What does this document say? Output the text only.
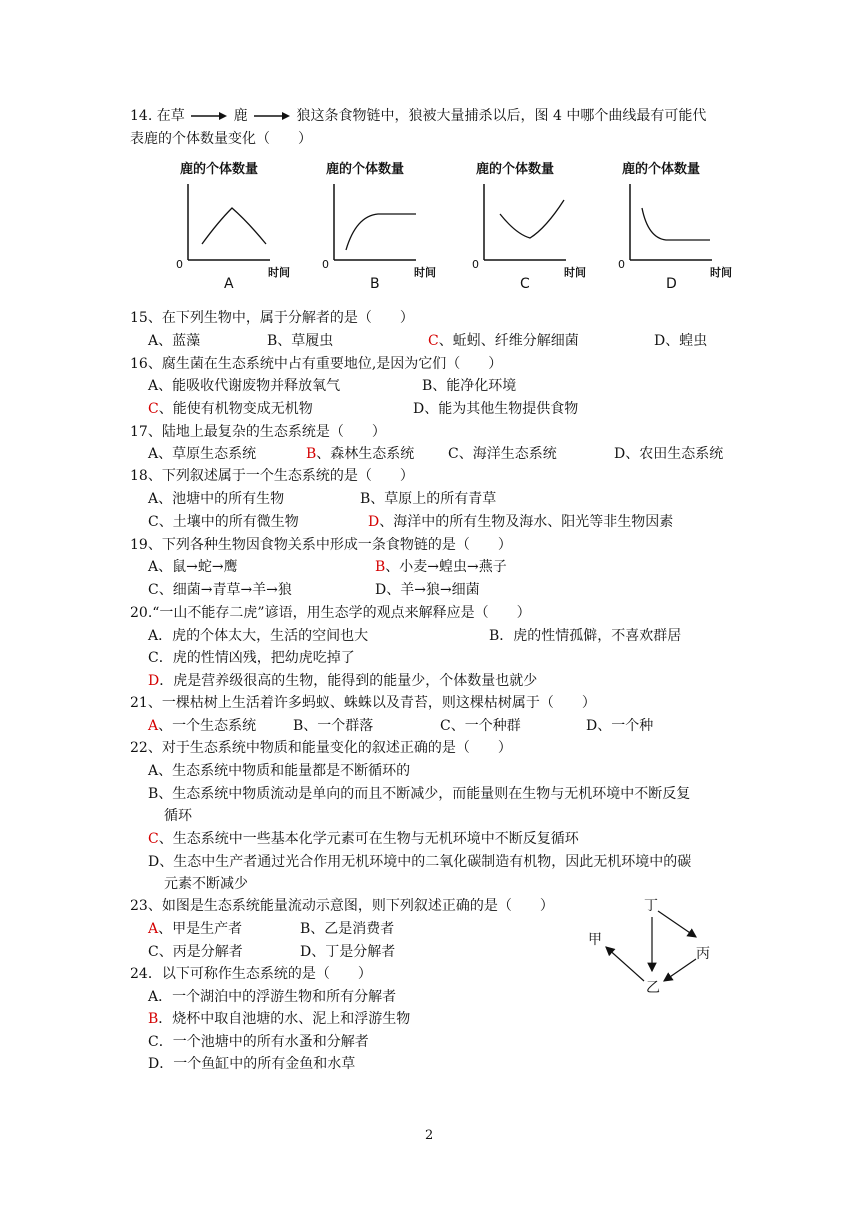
14. 在草	鹿	狼这条食物链中，狼被大量捕杀以后，图 4 中哪个曲线最有可能代
表鹿的个体数量变化（　　）
鹿的个体数量
0
时间
A
鹿的个体数量
0
时间
B
鹿的个体数量
0
时间
C
鹿的个体数量
0
时间
D
15、在下列生物中，属于分解者的是（　　）
A、蓝藻	B、草履虫	C、蚯蚓、纤维分解细菌	D、蝗虫
16、腐生菌在生态系统中占有重要地位,是因为它们（　　）
A、能吸收代谢废物并释放氧气	B、能净化环境
C、能使有机物变成无机物	D、能为其他生物提供食物
17、陆地上最复杂的生态系统是（　　）
A、草原生态系统	B、森林生态系统 C、海洋生态系统	D、农田生态系统
18、下列叙述属于一个生态系统的是（　　）
A、池塘中的所有生物	B、草原上的所有青草
C、土壤中的所有微生物	D、海洋中的所有生物及海水、阳光等非生物因素
19、下列各种生物因食物关系中形成一条食物链的是（　　）
A、鼠→蛇→鹰	B、小麦→蝗虫→燕子
C、细菌→青草→羊→狼	D、羊→狼→细菌
20.“一山不能存二虎”谚语，用生态学的观点来解释应是（　　）
A．虎的个体太大，生活的空间也大	B．虎的性情孤僻，不喜欢群居
C．虎的性情凶残，把幼虎吃掉了
D．虎是营养级很高的生物，能得到的能量少，个体数量也就少
21、一棵枯树上生活着许多蚂蚁、蛛蛛以及青苔，则这棵枯树属于（　　）
A、一个生态系统	B、一个群落	C、一个种群	D、一个种
22、对于生态系统中物质和能量变化的叙述正确的是（　　）
A、生态系统中物质和能量都是不断循环的
B、生态系统中物质流动是单向的而且不断减少，而能量则在生物与无机环境中不断反复
循环
C、生态系统中一些基本化学元素可在生物与无机环境中不断反复循环
D、生态中生产者通过光合作用无机环境中的二氧化碳制造有机物，因此无机环境中的碳
元素不断减少
23、如图是生态系统能量流动示意图，则下列叙述正确的是（　　）
A、甲是生产者	B、乙是消费者
C、丙是分解者	D、丁是分解者
丁
甲
丙
乙
24．以下可称作生态系统的是（　　）
A．一个湖泊中的浮游生物和所有分解者
B．烧杯中取自池塘的水、泥上和浮游生物
C．一个池塘中的所有水蚤和分解者
D．一个鱼缸中的所有金鱼和水草
2
